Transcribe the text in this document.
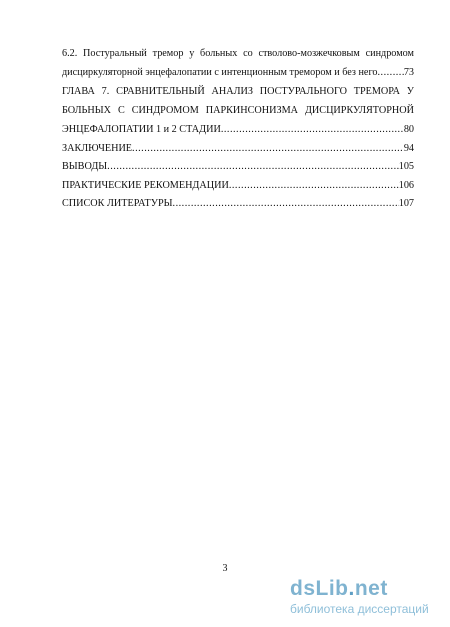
6.2. Постуральный тремор у больных со стволово-мозжечковым синдромом
дисциркуляторной энцефалопатии с интенционным тремором и без него .....	73
ГЛАВА 7. СРАВНИТЕЛЬНЫЙ АНАЛИЗ ПОСТУРАЛЬНОГО ТРЕМОРА У
БОЛЬНЫХ С СИНДРОМОМ ПАРКИНСОНИЗМА ДИСЦИРКУЛЯТОРНОЙ
ЭНЦЕФАЛОПАТИИ 1 и 2 СТАДИИ .....	80
ЗАКЛЮЧЕНИЕ .....	94
ВЫВОДЫ .....	105
ПРАКТИЧЕСКИЕ РЕКОМЕНДАЦИИ .....	106
СПИСОК ЛИТЕРАТУРЫ .....	107
3
dsLib.net
библиотека диссертаций
